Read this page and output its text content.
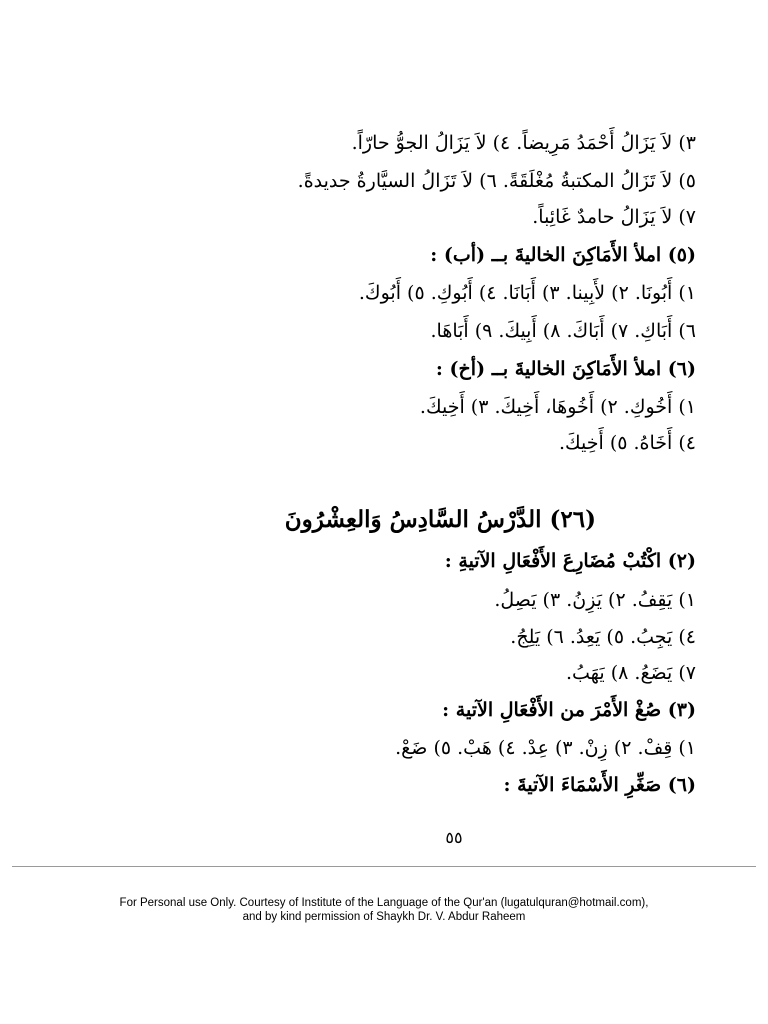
٣) لاَ يَزَالُ أَحْمَدُ مَرِيضاً. ٤) لاَ يَزَالُ الجوُّ حارّاً.
٥) لاَ تَزَالُ المكتبةُ مُغْلَقَةً. ٦) لاَ تَزَالُ السيَّارةُ جديدةً.
٧) لاَ يَزَالُ حامدٌ غَائِباً.
(٥) املأ الأَمَاكِنَ الخاليةَ بــ (أب) :
١) أَبُونَا. ٢) لأَبِينا. ٣) أَبَانَا. ٤) أَبُوكِ. ٥) أَبُوكَ.
٦) أَبَاكِ. ٧) أَبَاكَ. ٨) أَبِيكَ. ٩) أَبَاهَا.
(٦) املأ الأَمَاكِنَ الخاليةَ بــ (أخ) :
١) أَخُوكِ. ٢) أَخُوهَا، أَخِيكَ. ٣) أَخِيكَ.
٤) أَخَاهُ. ٥) أَخِيكَ.
(٢٦) الدَّرْسُ السَّادِسُ وَالعِشْرُونَ
(٢) اكْتُبْ مُضَارِعَ الأَفْعَالِ الآتيةِ :
١) يَقِفُ. ٢) يَزِنُ. ٣) يَصِلُ.
٤) يَجِبُ. ٥) يَعِدُ. ٦) يَلِجُ.
٧) يَضَعُ. ٨) يَهَبُ.
(٣) صُغْ الأَمْرَ من الأَفْعَالِ الآتية :
١) قِفْ. ٢) زِنْ. ٣) عِدْ. ٤) هَبْ. ٥) ضَعْ.
(٦) صَغِّرِ الأَسْمَاءَ الآتيةَ :
٥٥
For Personal use Only. Courtesy of Institute of the Language of the Qur'an (lugatulquran@hotmail.com),
and by kind permission of Shaykh Dr. V. Abdur Raheem
